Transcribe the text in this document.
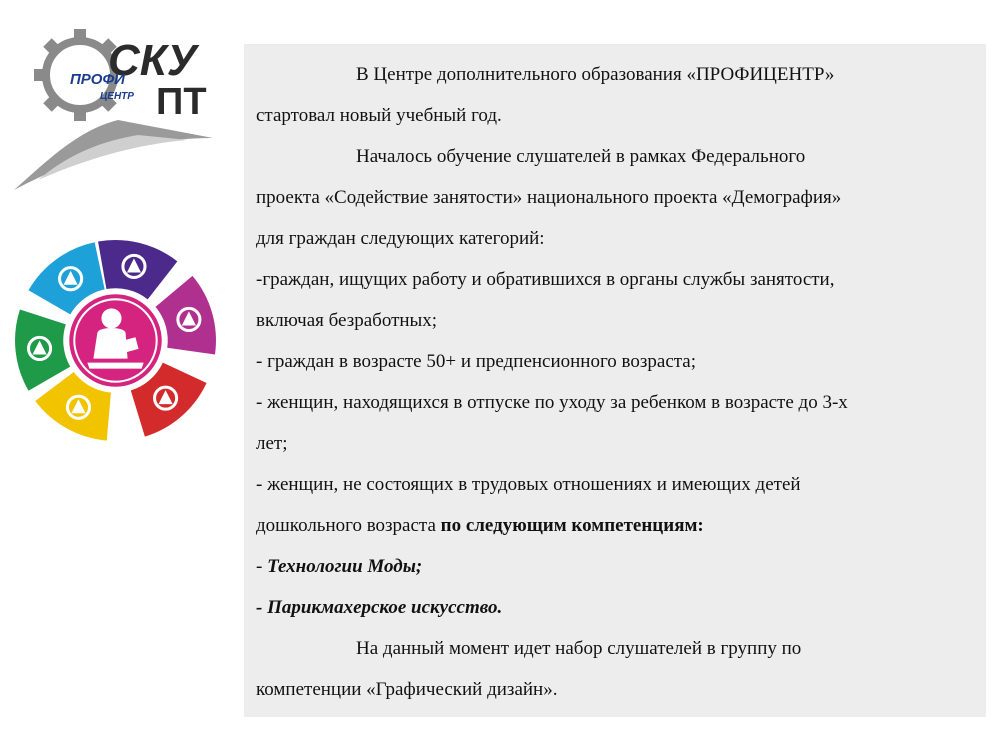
СКУ
ПТ
ПРОФИ
ЦЕНТР

В Центре дополнительного образования «ПРОФИЦЕНТР»

стартовал новый учебный год.

Началось обучение слушателей в рамках Федерального

проекта «Содействие занятости» национального проекта «Демография»

для граждан следующих категорий:

-граждан, ищущих работу и обратившихся в органы службы занятости,

включая безработных;

- граждан в возрасте 50+ и предпенсионного возраста;

- женщин, находящихся в отпуске по уходу за ребенком в возрасте до 3-х

лет;

- женщин, не состоящих в трудовых отношениях и имеющих детей

дошкольного возраста по следующим компетенциям:

- Технологии Моды;

- Парикмахерское искусство.

На данный момент идет набор слушателей в группу по

компетенции «Графический дизайн».
